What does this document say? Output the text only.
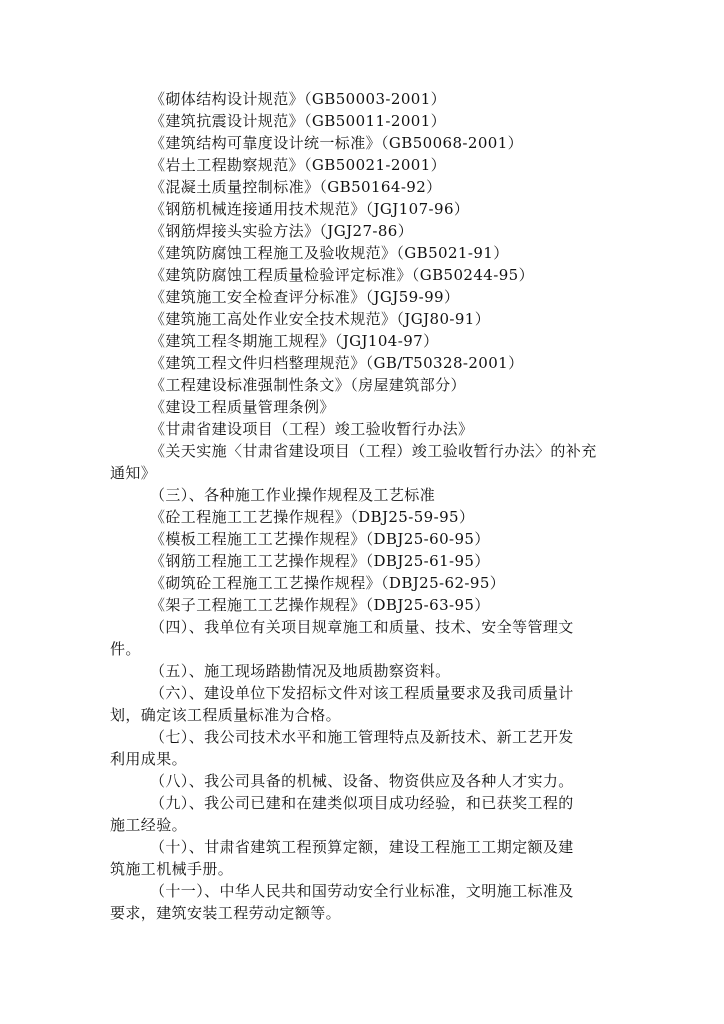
《砌体结构设计规范》（GB50003-2001）
《建筑抗震设计规范》（GB50011-2001）
《建筑结构可靠度设计统一标准》（GB50068-2001）
《岩土工程勘察规范》（GB50021-2001）
《混凝土质量控制标准》（GB50164-92）
《钢筋机械连接通用技术规范》（JGJ107-96）
《钢筋焊接头实验方法》（JGJ27-86）
《建筑防腐蚀工程施工及验收规范》（GB5021-91）
《建筑防腐蚀工程质量检验评定标准》（GB50244-95）
《建筑施工安全检查评分标准》（JGJ59-99）
《建筑施工高处作业安全技术规范》（JGJ80-91）
《建筑工程冬期施工规程》（JGJ104-97）
《建筑工程文件归档整理规范》（GB/T50328-2001）
《工程建设标准强制性条文》（房屋建筑部分）
《建设工程质量管理条例》
《甘肃省建设项目（工程）竣工验收暂行办法》
《关天实施〈甘肃省建设项目（工程）竣工验收暂行办法〉的补充
通知》
（三）、各种施工作业操作规程及工艺标准
《砼工程施工工艺操作规程》（DBJ25-59-95）
《模板工程施工工艺操作规程》（DBJ25-60-95）
《钢筋工程施工工艺操作规程》（DBJ25-61-95）
《砌筑砼工程施工工艺操作规程》（DBJ25-62-95）
《架子工程施工工艺操作规程》（DBJ25-63-95）
（四）、我单位有关项目规章施工和质量、技术、安全等管理文
件。
（五）、施工现场踏勘情况及地质勘察资料。
（六）、建设单位下发招标文件对该工程质量要求及我司质量计
划，确定该工程质量标准为合格。
（七）、我公司技术水平和施工管理特点及新技术、新工艺开发
利用成果。
（八）、我公司具备的机械、设备、物资供应及各种人才实力。
（九）、我公司已建和在建类似项目成功经验，和已获奖工程的
施工经验。
（十）、甘肃省建筑工程预算定额，建设工程施工工期定额及建
筑施工机械手册。
（十一）、中华人民共和国劳动安全行业标准，文明施工标准及
要求，建筑安装工程劳动定额等。
